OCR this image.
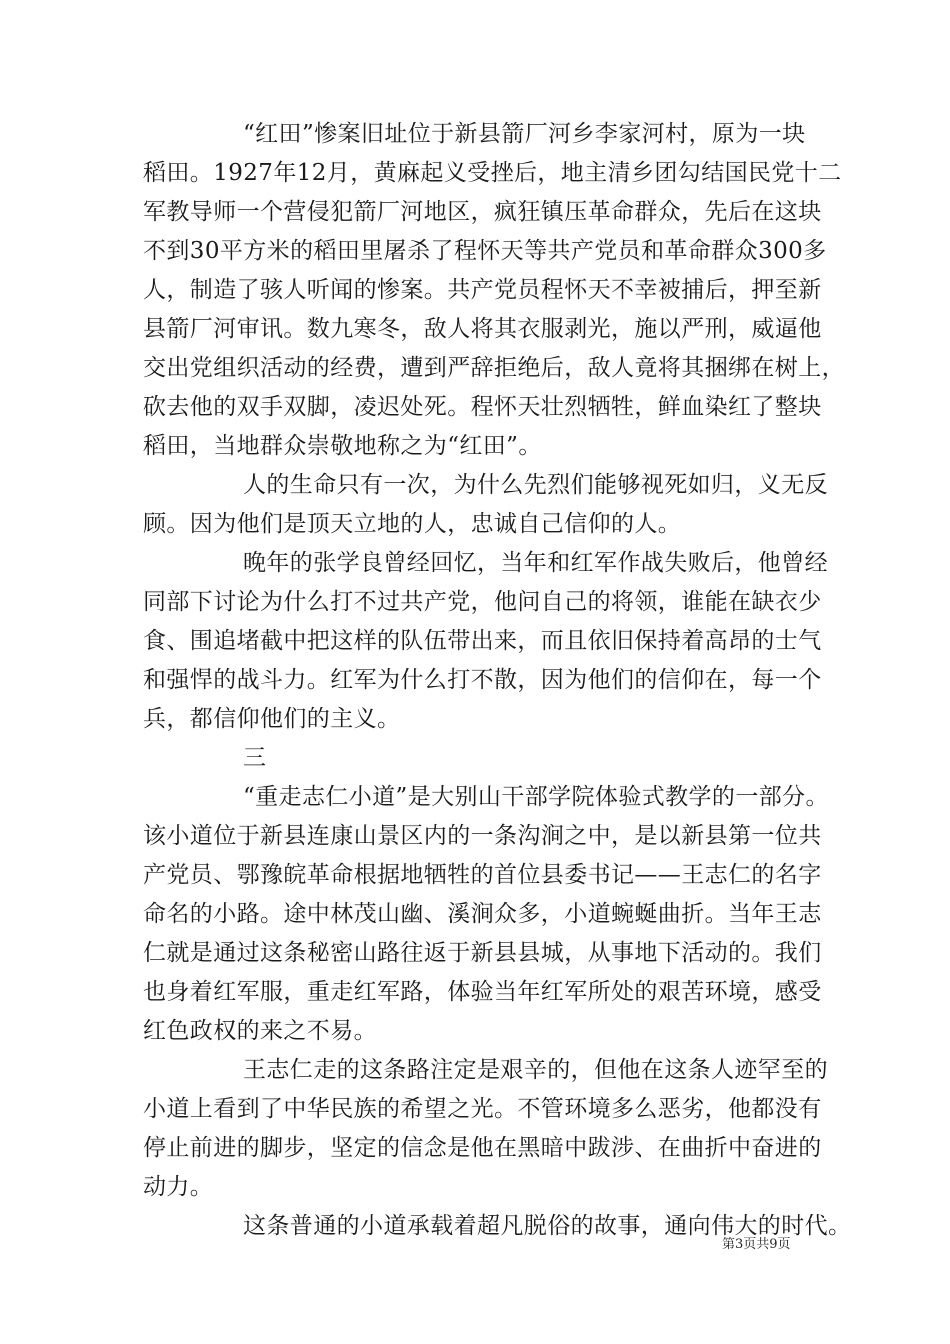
“红田”惨案旧址位于新县箭厂河乡李家河村，原为一块
稻田。1927年12月，黄麻起义受挫后，地主清乡团勾结国民党十二
军教导师一个营侵犯箭厂河地区，疯狂镇压革命群众，先后在这块
不到30平方米的稻田里屠杀了程怀天等共产党员和革命群众300多
人，制造了骇人听闻的惨案。共产党员程怀天不幸被捕后，押至新
县箭厂河审讯。数九寒冬，敌人将其衣服剥光，施以严刑，威逼他
交出党组织活动的经费，遭到严辞拒绝后，敌人竟将其捆绑在树上，
砍去他的双手双脚，凌迟处死。程怀天壮烈牺牲，鲜血染红了整块
稻田，当地群众崇敬地称之为“红田”。
人的生命只有一次，为什么先烈们能够视死如归，义无反
顾。因为他们是顶天立地的人，忠诚自己信仰的人。
晚年的张学良曾经回忆，当年和红军作战失败后，他曾经
同部下讨论为什么打不过共产党，他问自己的将领，谁能在缺衣少
食、围追堵截中把这样的队伍带出来，而且依旧保持着高昂的士气
和强悍的战斗力。红军为什么打不散，因为他们的信仰在，每一个
兵，都信仰他们的主义。
三
“重走志仁小道”是大别山干部学院体验式教学的一部分。
该小道位于新县连康山景区内的一条沟涧之中，是以新县第一位共
产党员、鄂豫皖革命根据地牺牲的首位县委书记——王志仁的名字
命名的小路。途中林茂山幽、溪涧众多，小道蜿蜒曲折。当年王志
仁就是通过这条秘密山路往返于新县县城，从事地下活动的。我们
也身着红军服，重走红军路，体验当年红军所处的艰苦环境，感受
红色政权的来之不易。
王志仁走的这条路注定是艰辛的，但他在这条人迹罕至的
小道上看到了中华民族的希望之光。不管环境多么恶劣，他都没有
停止前进的脚步，坚定的信念是他在黑暗中跋涉、在曲折中奋进的
动力。
这条普通的小道承载着超凡脱俗的故事，通向伟大的时代。
第3页共9页
